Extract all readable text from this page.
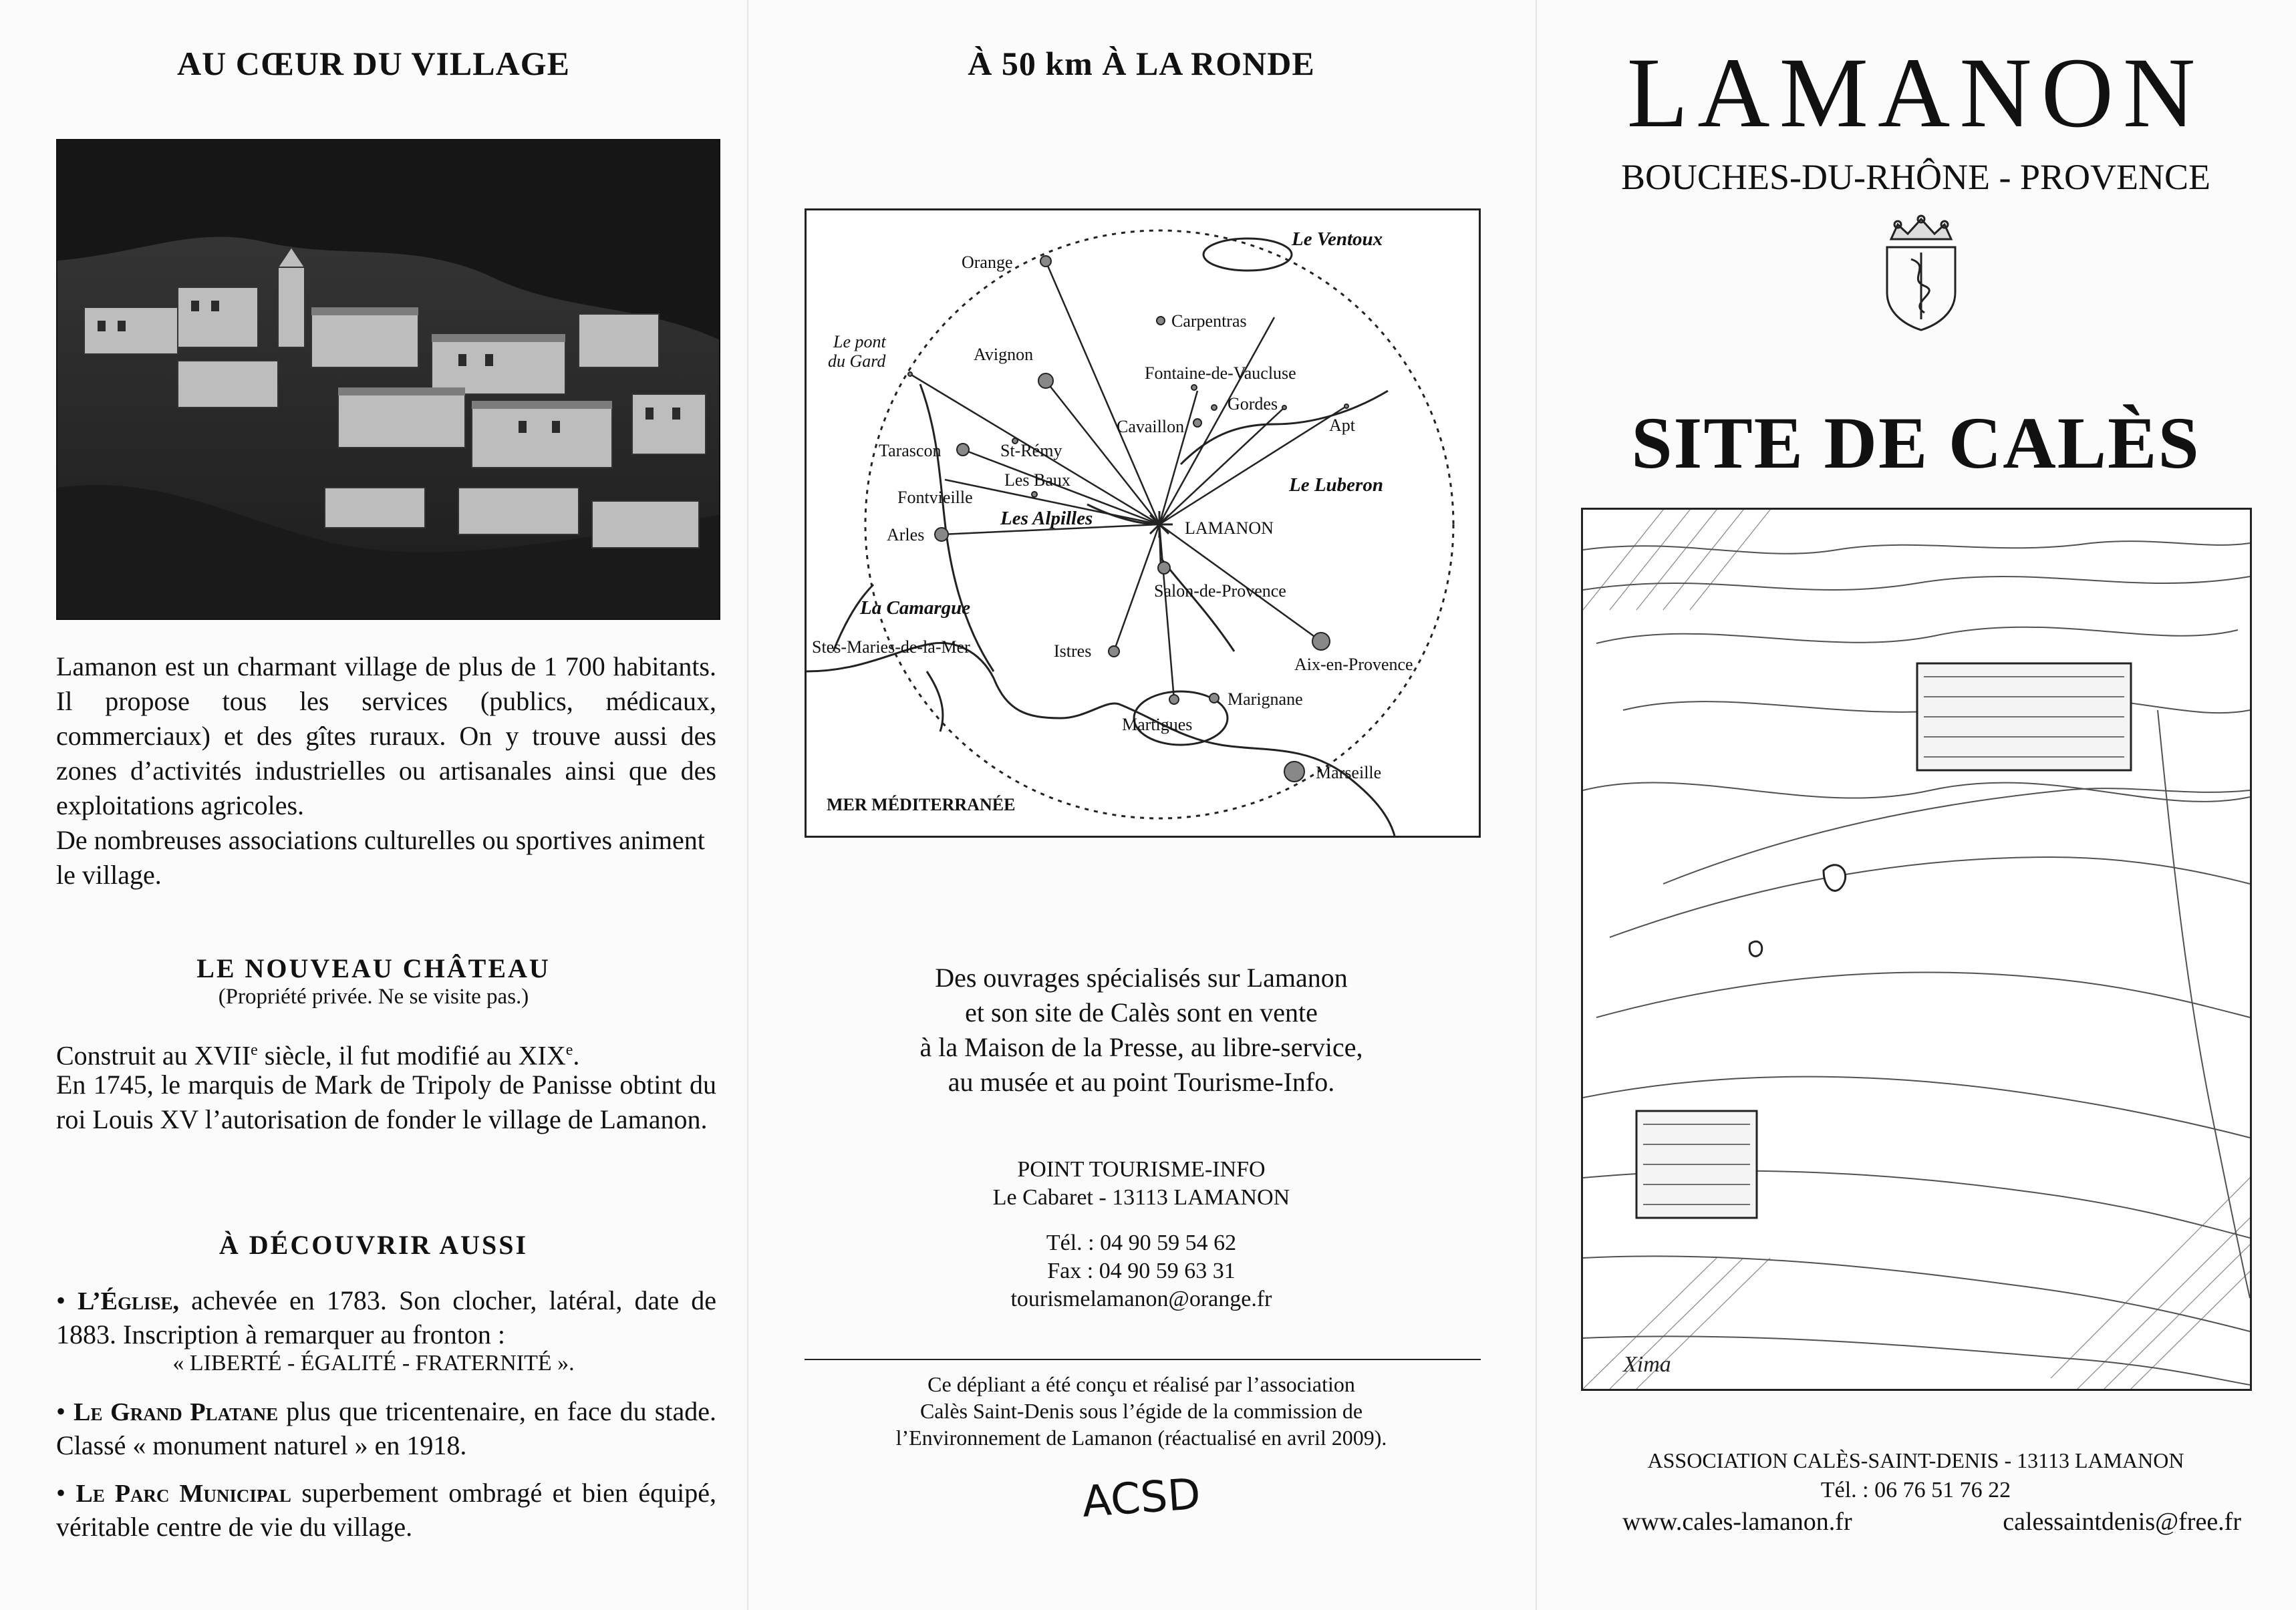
AU CŒUR DU VILLAGE
Lamanon est un charmant village de plus de 1 700 habitants. Il propose tous les services (publics, médicaux, commerciaux) et des gîtes ruraux. On y trouve aussi des zones d’activités industrielles ou artisanales ainsi que des exploitations agricoles.
De nombreuses associations culturelles ou sportives animent le village.
LE NOUVEAU CHÂTEAU
(Propriété privée. Ne se visite pas.)
Construit au XVIIe siècle, il fut modifié au XIXe.
En 1745, le marquis de Mark de Tripoly de Panisse obtint du roi Louis XV l’autorisation de fonder le village de Lamanon.
À DÉCOUVRIR AUSSI
• L’Église, achevée en 1783. Son clocher, latéral, date de 1883. Inscription à remarquer au fronton :
« LIBERTÉ - ÉGALITÉ - FRATERNITÉ ».
• Le Grand Platane plus que tricentenaire, en face du stade. Classé « monument naturel » en 1918.
• Le Parc Municipal superbement ombragé et bien équipé, véritable centre de vie du village.
À 50 km À LA RONDE
Orange
Le Ventoux
Carpentras
Le pont
du Gard	Avignon
Fontaine-de-Vaucluse
Gordes
Cavaillon	Apt
Tarascon	St-Rémy
Le Luberon
Les Baux
Fontvieille
Les Alpilles	LAMANON
Arles
Salon-de-Provence
La Camargue
Istres
Aix-en-Provence
Stes-Maries-de-la-Mer
Marignane
Martigues
Marseille
MER MÉDITERRANÉE
Des ouvrages spécialisés sur Lamanon
et son site de Calès sont en vente
à la Maison de la Presse, au libre-service,
au musée et au point Tourisme-Info.
POINT TOURISME-INFO
Le Cabaret - 13113 LAMANON
Tél. : 04 90 59 54 62
Fax : 04 90 59 63 31
tourismelamanon@orange.fr
Ce dépliant a été conçu et réalisé par l’association
Calès Saint-Denis sous l’égide de la commission de
l’Environnement de Lamanon (réactualisé en avril 2009).
ACSD
LAMANON
BOUCHES-DU-RHÔNE - PROVENCE
SITE DE CALÈS
Xima
ASSOCIATION CALÈS-SAINT-DENIS - 13113 LAMANON
Tél. : 06 76 51 76 22
www.cales-lamanon.fr	calessaintdenis@free.fr
